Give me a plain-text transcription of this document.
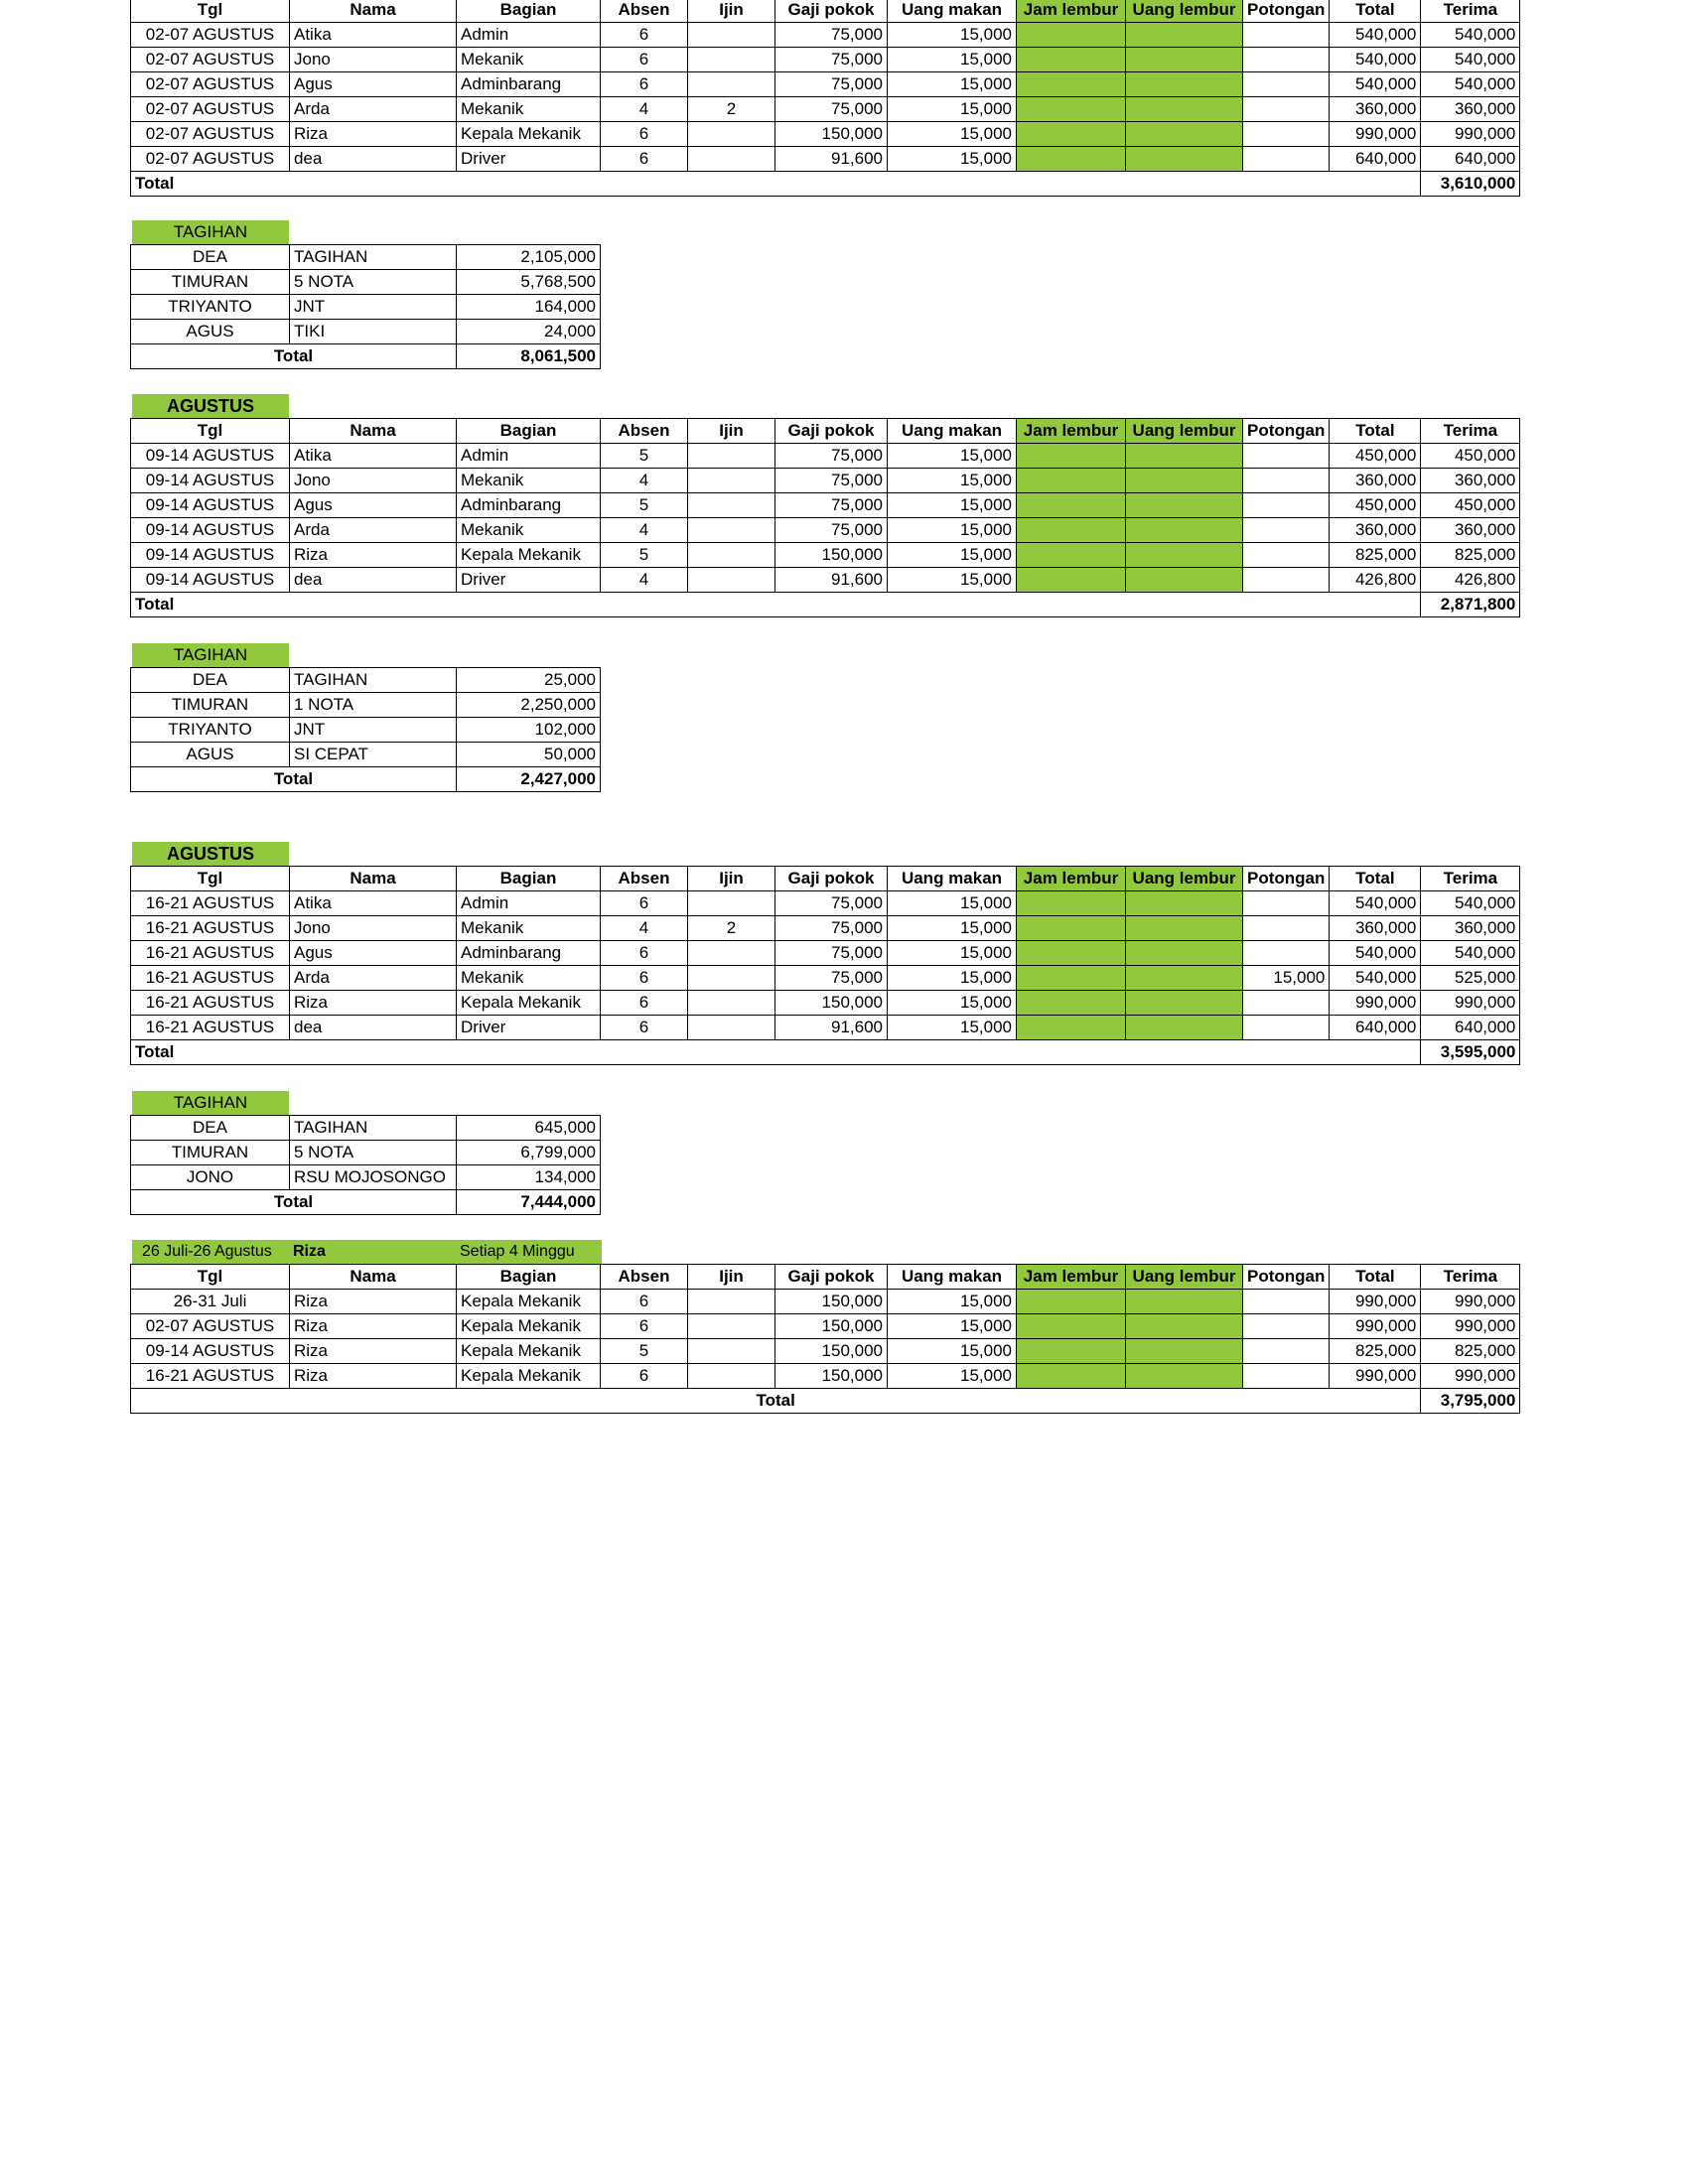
Tgl	Nama	Bagian	Absen	Ijin	Gaji pokok	Uang makan	Jam lembur	Uang lembur	Potongan	Total	Terima
02-07 AGUSTUS	Atika	Admin	6		75,000	15,000				540,000	540,000
02-07 AGUSTUS	Jono	Mekanik	6		75,000	15,000				540,000	540,000
02-07 AGUSTUS	Agus	Adminbarang	6		75,000	15,000				540,000	540,000
02-07 AGUSTUS	Arda	Mekanik	4	2	75,000	15,000				360,000	360,000
02-07 AGUSTUS	Riza	Kepala Mekanik	6		150,000	15,000				990,000	990,000
02-07 AGUSTUS	dea	Driver	6		91,600	15,000				640,000	640,000
Total											3,610,000
TAGIHAN
DEA	TAGIHAN	2,105,000
TIMURAN	5 NOTA	5,768,500
TRIYANTO	JNT	164,000
AGUS	TIKI	24,000
Total		8,061,500
AGUSTUS
Tgl	Nama	Bagian	Absen	Ijin	Gaji pokok	Uang makan	Jam lembur	Uang lembur	Potongan	Total	Terima
09-14 AGUSTUS	Atika	Admin	5		75,000	15,000				450,000	450,000
09-14 AGUSTUS	Jono	Mekanik	4		75,000	15,000				360,000	360,000
09-14 AGUSTUS	Agus	Adminbarang	5		75,000	15,000				450,000	450,000
09-14 AGUSTUS	Arda	Mekanik	4		75,000	15,000				360,000	360,000
09-14 AGUSTUS	Riza	Kepala Mekanik	5		150,000	15,000				825,000	825,000
09-14 AGUSTUS	dea	Driver	4		91,600	15,000				426,800	426,800
Total											2,871,800
TAGIHAN
DEA	TAGIHAN	25,000
TIMURAN	1 NOTA	2,250,000
TRIYANTO	JNT	102,000
AGUS	SI CEPAT	50,000
Total		2,427,000
AGUSTUS
Tgl	Nama	Bagian	Absen	Ijin	Gaji pokok	Uang makan	Jam lembur	Uang lembur	Potongan	Total	Terima
16-21 AGUSTUS	Atika	Admin	6		75,000	15,000				540,000	540,000
16-21 AGUSTUS	Jono	Mekanik	4	2	75,000	15,000				360,000	360,000
16-21 AGUSTUS	Agus	Adminbarang	6		75,000	15,000				540,000	540,000
16-21 AGUSTUS	Arda	Mekanik	6		75,000	15,000			15,000	540,000	525,000
16-21 AGUSTUS	Riza	Kepala Mekanik	6		150,000	15,000				990,000	990,000
16-21 AGUSTUS	dea	Driver	6		91,600	15,000				640,000	640,000
Total											3,595,000
TAGIHAN
DEA	TAGIHAN	645,000
TIMURAN	5 NOTA	6,799,000
JONO	RSU MOJOSONGO	134,000
Total		7,444,000
26 Juli-26 Agustus Riza	Setiap 4 Minggu
Tgl	Nama	Bagian	Absen	Ijin	Gaji pokok	Uang makan	Jam lembur	Uang lembur	Potongan	Total	Terima
26-31 Juli	Riza	Kepala Mekanik	6		150,000	15,000				990,000	990,000
02-07 AGUSTUS	Riza	Kepala Mekanik	6		150,000	15,000				990,000	990,000
09-14 AGUSTUS	Riza	Kepala Mekanik	5		150,000	15,000				825,000	825,000
16-21 AGUSTUS	Riza	Kepala Mekanik	6		150,000	15,000				990,000	990,000
Total											3,795,000
